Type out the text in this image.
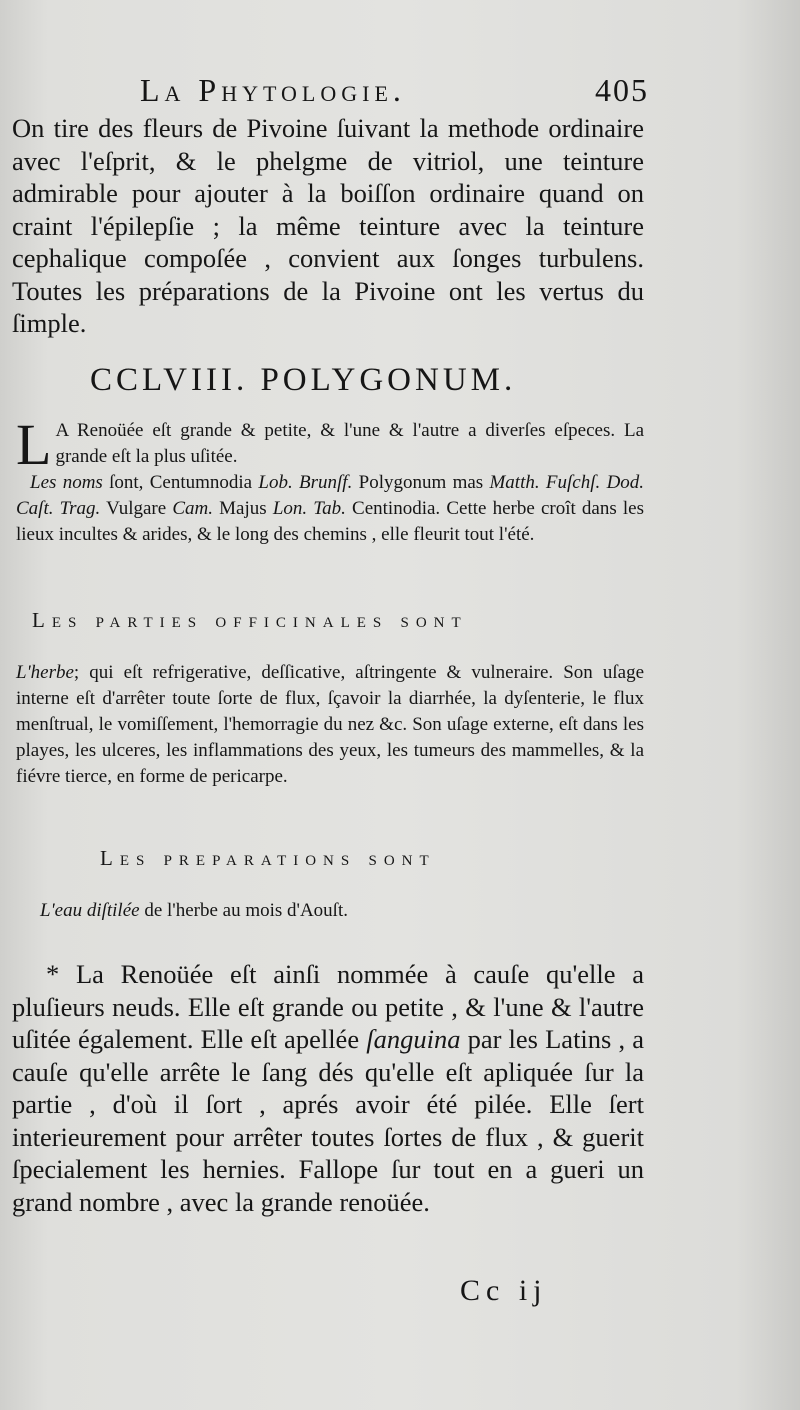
La Phytologie.	405

On tire des fleurs de Pivoine ſuivant la methode ordinaire avec l'eſprit, & le phelgme de vitriol, une teinture admirable pour ajouter à la boiſſon ordinaire quand on craint l'épilepſie ; la même teinture avec la teinture cephalique compoſée , convient aux ſonges turbulens. Toutes les préparations de la Pivoine ont les vertus du ſimple.

CCLVIII. POLYGONUM.

L A Renoüée eſt grande & petite, & l'une & l'autre a diverſes eſpeces. La grande eſt la plus uſitée.

Les noms ſont, Centumnodia Lob. Brunſf. Polygonum mas Matth. Fuſchſ. Dod. Caſt. Trag. Vulgare Cam. Majus Lon. Tab. Centinodia. Cette herbe croît dans les lieux incultes & arides, & le long des chemins , elle fleurit tout l'été.

Les parties officinales sont

L'herbe; qui eſt refrigerative, deſſicative, aſtringente & vulneraire. Son uſage interne eſt d'arrêter toute ſorte de flux, ſçavoir la diarrhée, la dyſenterie, le flux menſtrual, le vomiſſement, l'hemorragie du nez &c. Son uſage externe, eſt dans les playes, les ulceres, les inflammations des yeux, les tumeurs des mammelles, & la fiévre tierce, en forme de pericarpe.

Les preparations sont
L'eau diſtilée de l'herbe au mois d'Aouſt.

* La Renoüée eſt ainſi nommée à cauſe qu'elle a pluſieurs neuds. Elle eſt grande ou petite , & l'une & l'autre uſitée également. Elle eſt apellée ſanguina par les Latins , a cauſe qu'elle arrête le ſang dés qu'elle eſt apliquée ſur la partie , d'où il ſort , aprés avoir été pilée. Elle ſert interieurement pour arrêter toutes ſortes de flux , & guerit ſpecialement les hernies. Fallope ſur tout en a gueri un grand nombre , avec la grande renoüée.

Cc ij
